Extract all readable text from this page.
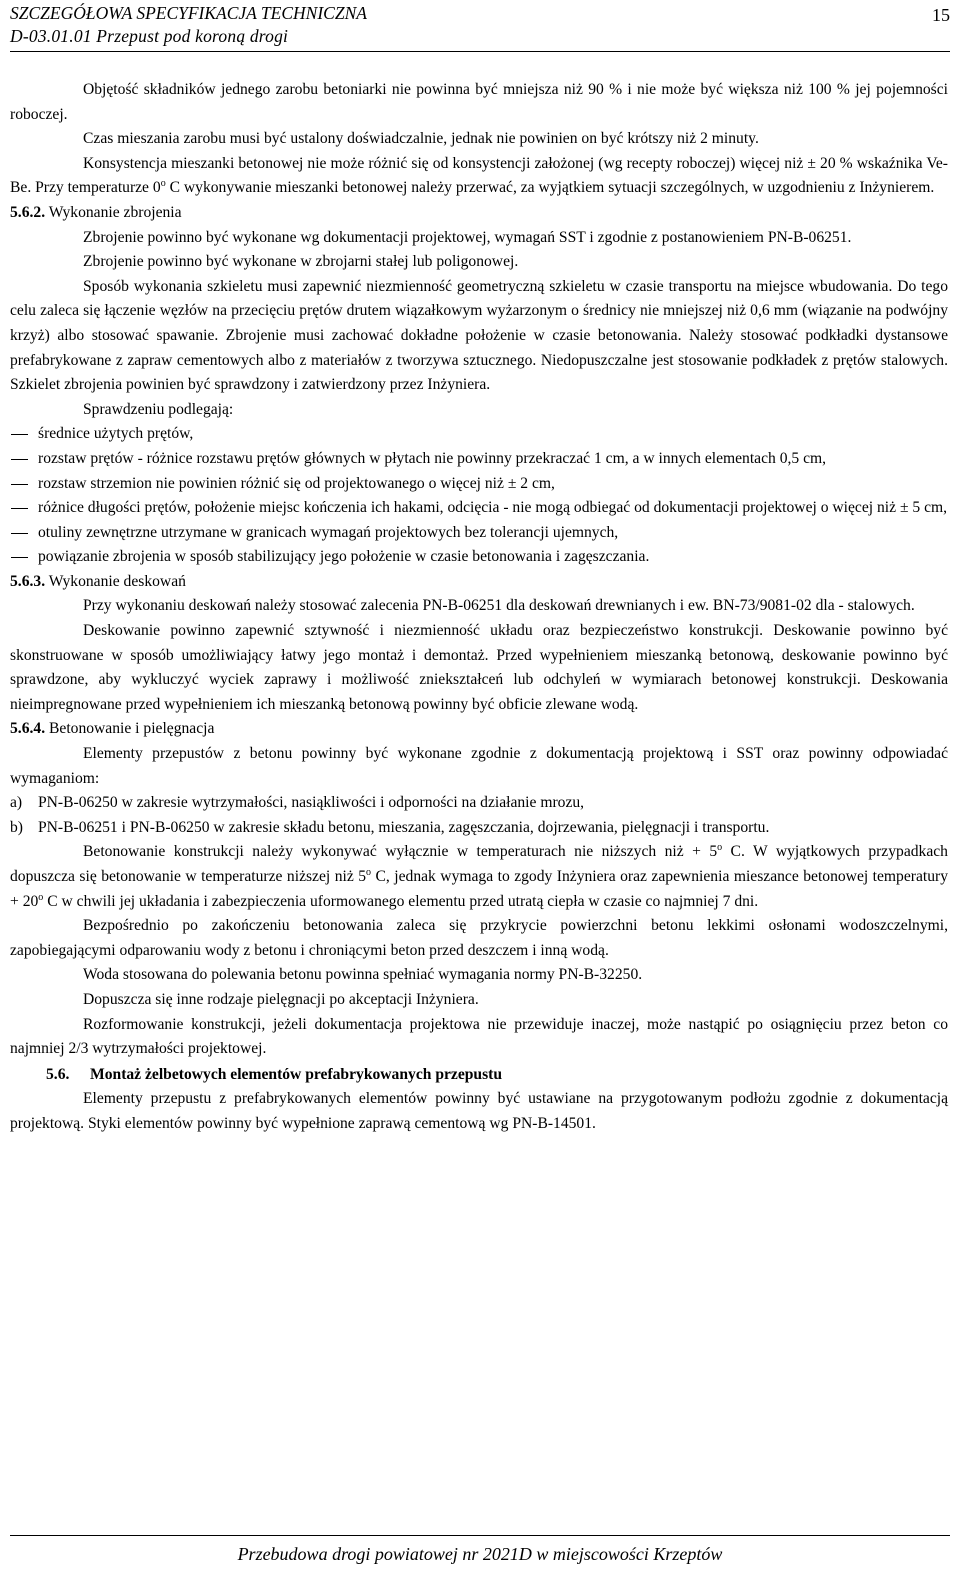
SZCZEGÓŁOWA SPECYFIKACJA TECHNICZNA
D-03.01.01 Przepust pod koroną drogi
15

Objętość składników jednego zarobu betoniarki nie powinna być mniejsza niż 90 % i nie może być większa niż 100 % jej pojemności roboczej.

Czas mieszania zarobu musi być ustalony doświadczalnie, jednak nie powinien on być krótszy niż 2 minuty.

Konsystencja mieszanki betonowej nie może różnić się od konsystencji założonej (wg recepty roboczej) więcej niż ± 20 % wskaźnika Ve-Be. Przy temperaturze 0$^o$ C wykonywanie mieszanki betonowej należy przerwać, za wyjątkiem sytuacji szczególnych, w uzgodnieniu z Inżynierem.

5.6.2. Wykonanie zbrojenia

Zbrojenie powinno być wykonane wg dokumentacji projektowej, wymagań SST i zgodnie z postanowieniem PN-B-06251.

Zbrojenie powinno być wykonane w zbrojarni stałej lub poligonowej.

Sposób wykonania szkieletu musi zapewnić niezmienność geometryczną szkieletu w czasie transportu na miejsce wbudowania. Do tego celu zaleca się łączenie węzłów na przecięciu prętów drutem wiązałkowym wyżarzonym o średnicy nie mniejszej niż 0,6 mm (wiązanie na podwójny krzyż) albo stosować spawanie. Zbrojenie musi zachować dokładne położenie w czasie betonowania. Należy stosować podkładki dystansowe prefabrykowane z zapraw cementowych albo z materiałów z tworzywa sztucznego. Niedopuszczalne jest stosowanie podkładek z prętów stalowych. Szkielet zbrojenia powinien być sprawdzony i zatwierdzony przez Inżyniera.

Sprawdzeniu podlegają:

średnice użytych prętów,
rozstaw prętów - różnice rozstawu prętów głównych w płytach nie powinny przekraczać 1 cm, a w innych elementach 0,5 cm,
rozstaw strzemion nie powinien różnić się od projektowanego o więcej niż ± 2 cm,
różnice długości prętów, położenie miejsc kończenia ich hakami, odcięcia - nie mogą odbiegać od dokumentacji projektowej o więcej niż ± 5 cm,
otuliny zewnętrzne utrzymane w granicach wymagań projektowych bez tolerancji ujemnych,
powiązanie zbrojenia w sposób stabilizujący jego położenie w czasie betonowania i zagęszczania.

5.6.3. Wykonanie deskowań

Przy wykonaniu deskowań należy stosować zalecenia PN-B-06251 dla deskowań drewnianych i ew. BN-73/9081-02 dla - stalowych.

Deskowanie powinno zapewnić sztywność i niezmienność układu oraz bezpieczeństwo konstrukcji. Deskowanie powinno być skonstruowane w sposób umożliwiający łatwy jego montaż i demontaż. Przed wypełnieniem mieszanką betonową, deskowanie powinno być sprawdzone, aby wykluczyć wyciek zaprawy i możliwość zniekształceń lub odchyleń w wymiarach betonowej konstrukcji. Deskowania nieimpregnowane przed wypełnieniem ich mieszanką betonową powinny być obficie zlewane wodą.

5.6.4. Betonowanie i pielęgnacja

Elementy przepustów z betonu powinny być wykonane zgodnie z dokumentacją projektową i SST oraz powinny odpowiadać wymaganiom:

a) PN-B-06250 w zakresie wytrzymałości, nasiąkliwości i odporności na działanie mrozu,
b) PN-B-06251 i PN-B-06250 w zakresie składu betonu, mieszania, zagęszczania, dojrzewania, pielęgnacji i transportu.

Betonowanie konstrukcji należy wykonywać wyłącznie w temperaturach nie niższych niż + $5^o$ C. W wyjątkowych przypadkach dopuszcza się betonowanie w temperaturze niższej niż 5$^o$ C, jednak wymaga to zgody Inżyniera oraz zapewnienia mieszance betonowej temperatury + $20^o$ C w chwili jej układania i zabezpieczenia uformowanego elementu przed utratą ciepła w czasie co najmniej 7 dni.

Bezpośrednio po zakończeniu betonowania zaleca się przykrycie powierzchni betonu lekkimi osłonami wodoszczelnymi, zapobiegającymi odparowaniu wody z betonu i chroniącymi beton przed deszczem i inną wodą.

Woda stosowana do polewania betonu powinna spełniać wymagania normy PN-B-32250.

Dopuszcza się inne rodzaje pielęgnacji po akceptacji Inżyniera.

Rozformowanie konstrukcji, jeżeli dokumentacja projektowa nie przewiduje inaczej, może nastąpić po osiągnięciu przez beton co najmniej 2/3 wytrzymałości projektowej.

5.6. Montaż żelbetowych elementów prefabrykowanych przepustu

Elementy przepustu z prefabrykowanych elementów powinny być ustawiane na przygotowanym podłożu zgodnie z dokumentacją projektową. Styki elementów powinny być wypełnione zaprawą cementową wg PN-B-14501.

Przebudowa drogi powiatowej nr 2021D w miejscowości Krzeptów
